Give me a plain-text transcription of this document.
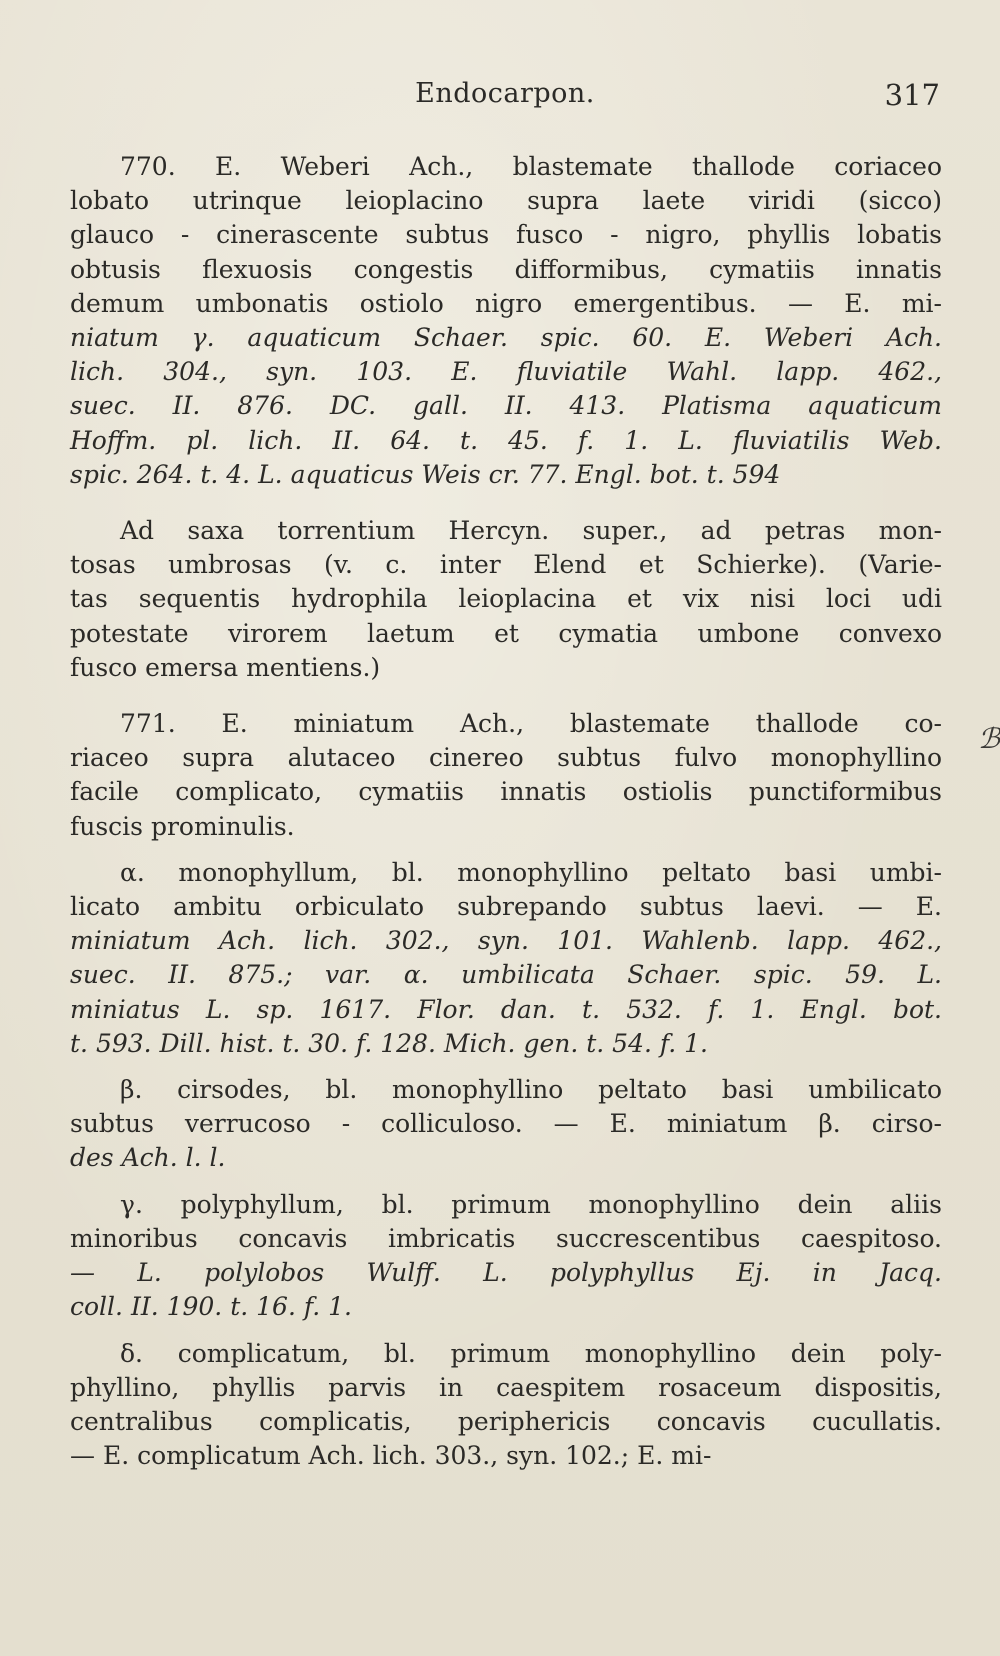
Endocarpon.	317
ℬ

770. E. Weberi Ach., blastemate thallode coriaceo
lobato utrinque leioplacino supra laete viridi (sicco)
glauco - cinerascente subtus fusco - nigro, phyllis lobatis
obtusis flexuosis congestis difformibus, cymatiis innatis
demum umbonatis ostiolo nigro emergentibus. — E. mi-
niatum γ. aquaticum Schaer. spic. 60. E. Weberi Ach.
lich. 304., syn. 103. E. fluviatile Wahl. lapp. 462.,
suec. II. 876. DC. gall. II. 413. Platisma aquaticum
Hoffm. pl. lich. II. 64. t. 45. f. 1. L. fluviatilis Web.
spic. 264. t. 4. L. aquaticus Weis cr. 77. Engl. bot. t. 594

Ad saxa torrentium Hercyn. super., ad petras mon-
tosas umbrosas (v. c. inter Elend et Schierke). (Varie-
tas sequentis hydrophila leioplacina et vix nisi loci udi
potestate virorem laetum et cymatia umbone convexo
fusco emersa mentiens.)

771. E. miniatum Ach., blastemate thallode co-
riaceo supra alutaceo cinereo subtus fulvo monophyllino
facile complicato, cymatiis innatis ostiolis punctiformibus
fuscis prominulis.

α. monophyllum, bl. monophyllino peltato basi umbi-
licato ambitu orbiculato subrepando subtus laevi. — E.
miniatum Ach. lich. 302., syn. 101. Wahlenb. lapp. 462.,
suec. II. 875.; var. α. umbilicata Schaer. spic. 59. L.
miniatus L. sp. 1617. Flor. dan. t. 532. f. 1. Engl. bot.
t. 593. Dill. hist. t. 30. f. 128. Mich. gen. t. 54. f. 1.

β. cirsodes, bl. monophyllino peltato basi umbilicato
subtus verrucoso - colliculoso. — E. miniatum β. cirso-
des Ach. l. l.

γ. polyphyllum, bl. primum monophyllino dein aliis
minoribus concavis imbricatis succrescentibus caespitoso.
— L. polylobos Wulff. L. polyphyllus Ej. in Jacq.
coll. II. 190. t. 16. f. 1.

δ. complicatum, bl. primum monophyllino dein poly-
phyllino, phyllis parvis in caespitem rosaceum dispositis,
centralibus complicatis, periphericis concavis cucullatis.
— E. complicatum Ach. lich. 303., syn. 102.; E. mi-
